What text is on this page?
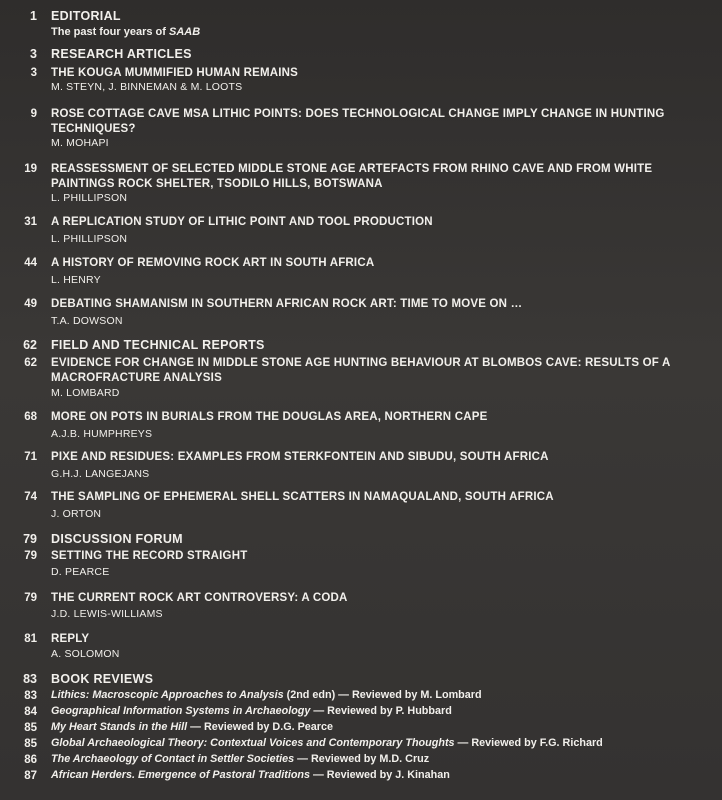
1 EDITORIAL
The past four years of SAAB
3 RESEARCH ARTICLES
3 THE KOUGA MUMMIFIED HUMAN REMAINS
M. STEYN, J. BINNEMAN & M. LOOTS
9 ROSE COTTAGE CAVE MSA LITHIC POINTS: DOES TECHNOLOGICAL CHANGE IMPLY CHANGE IN HUNTING TECHNIQUES?
M. MOHAPI
19 REASSESSMENT OF SELECTED MIDDLE STONE AGE ARTEFACTS FROM RHINO CAVE AND FROM WHITE PAINTINGS ROCK SHELTER, TSODILO HILLS, BOTSWANA
L. PHILLIPSON
31 A REPLICATION STUDY OF LITHIC POINT AND TOOL PRODUCTION
L. PHILLIPSON
44 A HISTORY OF REMOVING ROCK ART IN SOUTH AFRICA
L. HENRY
49 DEBATING SHAMANISM IN SOUTHERN AFRICAN ROCK ART: TIME TO MOVE ON …
T.A. DOWSON
62 FIELD AND TECHNICAL REPORTS
62 EVIDENCE FOR CHANGE IN MIDDLE STONE AGE HUNTING BEHAVIOUR AT BLOMBOS CAVE: RESULTS OF A MACROFRACTURE ANALYSIS
M. LOMBARD
68 MORE ON POTS IN BURIALS FROM THE DOUGLAS AREA, NORTHERN CAPE
A.J.B. HUMPHREYS
71 PIXE AND RESIDUES: EXAMPLES FROM STERKFONTEIN AND SIBUDU, SOUTH AFRICA
G.H.J. LANGEJANS
74 THE SAMPLING OF EPHEMERAL SHELL SCATTERS IN NAMAQUALAND, SOUTH AFRICA
J. ORTON
79 DISCUSSION FORUM
79 SETTING THE RECORD STRAIGHT
D. PEARCE
79 THE CURRENT ROCK ART CONTROVERSY: A CODA
J.D. LEWIS-WILLIAMS
81 REPLY
A. SOLOMON
83 BOOK REVIEWS
83 Lithics: Macroscopic Approaches to Analysis (2nd edn) — Reviewed by M. Lombard
84 Geographical Information Systems in Archaeology — Reviewed by P. Hubbard
85 My Heart Stands in the Hill — Reviewed by D.G. Pearce
85 Global Archaeological Theory: Contextual Voices and Contemporary Thoughts — Reviewed by F.G. Richard
86 The Archaeology of Contact in Settler Societies — Reviewed by M.D. Cruz
87 African Herders. Emergence of Pastoral Traditions — Reviewed by J. Kinahan
